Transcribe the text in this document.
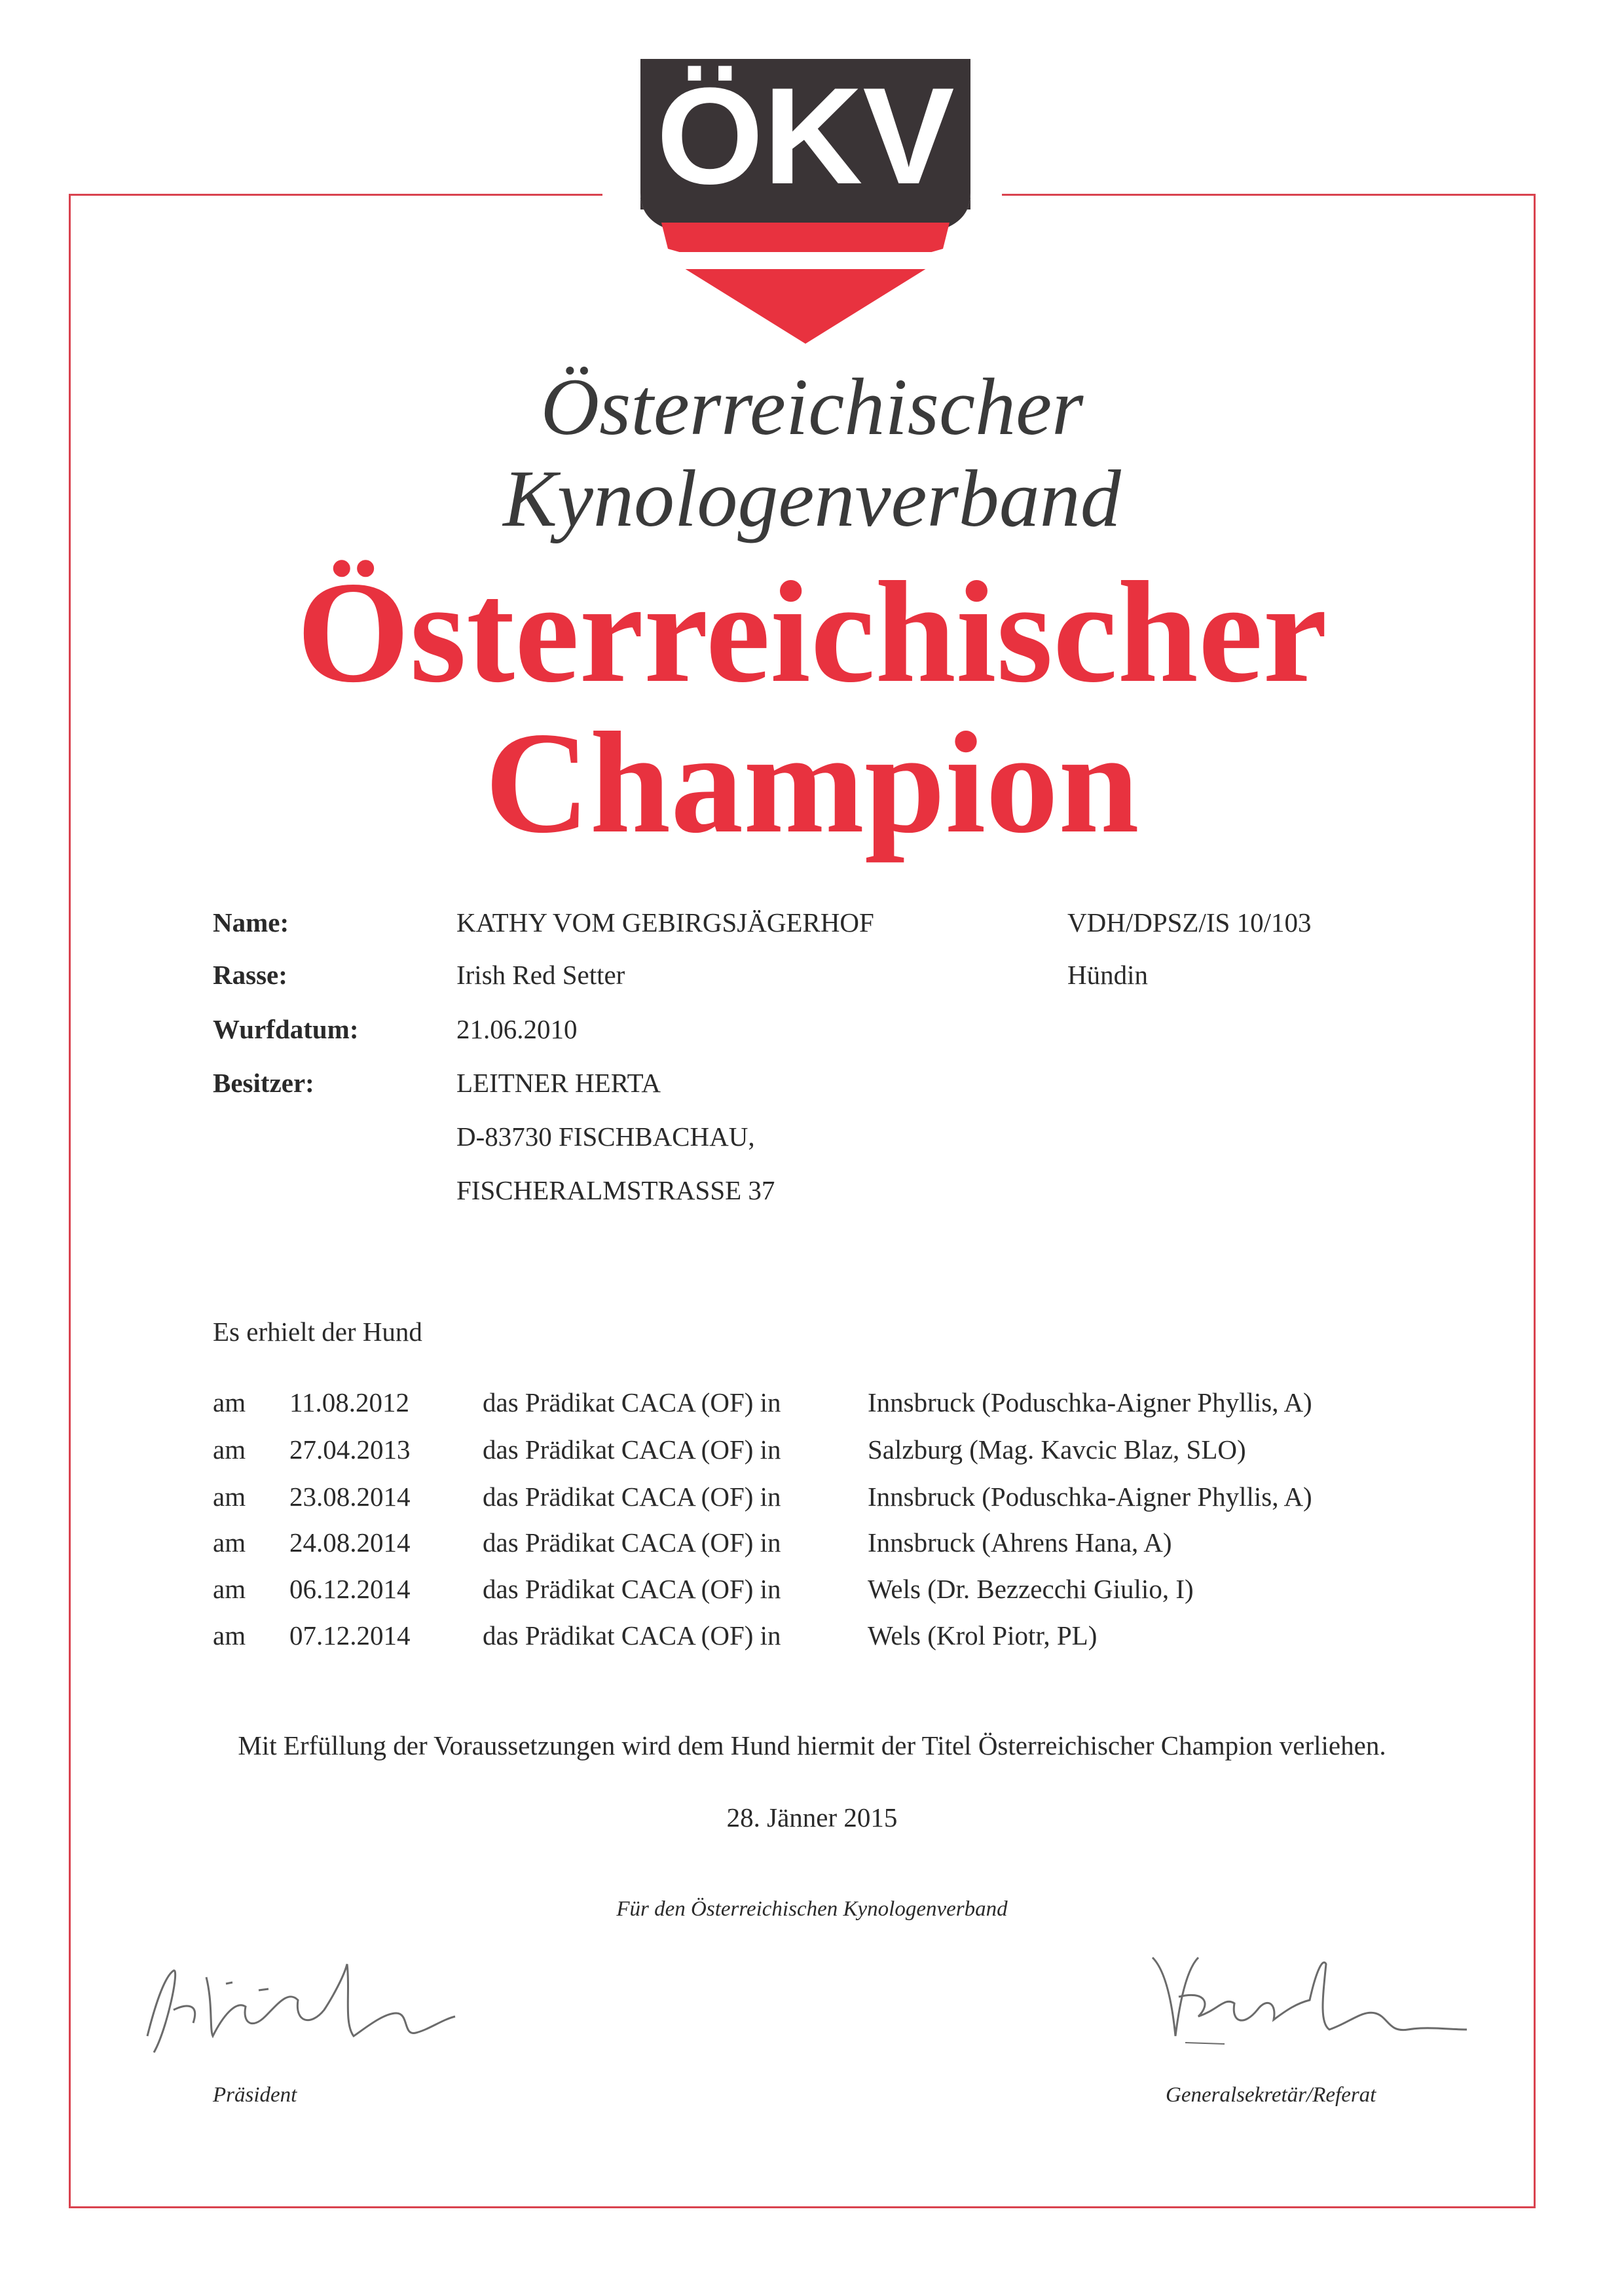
ÖKV
Österreichischer
Kynologenverband
Österreichischer
Champion
Name:	KATHY VOM GEBIRGSJÄGERHOF	VDH/DPSZ/IS 10/103
Rasse:	Irish Red Setter	Hündin
Wurfdatum:	21.06.2010
Besitzer:	LEITNER HERTA
D-83730 FISCHBACHAU,
FISCHERALMSTRASSE 37
Es erhielt der Hund
am 11.08.2012	das Prädikat CACA (OF) in	Innsbruck (Poduschka-Aigner Phyllis, A)
am 27.04.2013	das Prädikat CACA (OF) in	Salzburg (Mag. Kavcic Blaz, SLO)
am 23.08.2014	das Prädikat CACA (OF) in	Innsbruck (Poduschka-Aigner Phyllis, A)
am 24.08.2014	das Prädikat CACA (OF) in	Innsbruck (Ahrens Hana, A)
am 06.12.2014	das Prädikat CACA (OF) in	Wels (Dr. Bezzecchi Giulio, I)
am 07.12.2014	das Prädikat CACA (OF) in	Wels (Krol Piotr, PL)
Mit Erfüllung der Voraussetzungen wird dem Hund hiermit der Titel Österreichischer Champion verliehen.
28. Jänner 2015
Für den Österreichischen Kynologenverband
Präsident	Generalsekretär/Referat
